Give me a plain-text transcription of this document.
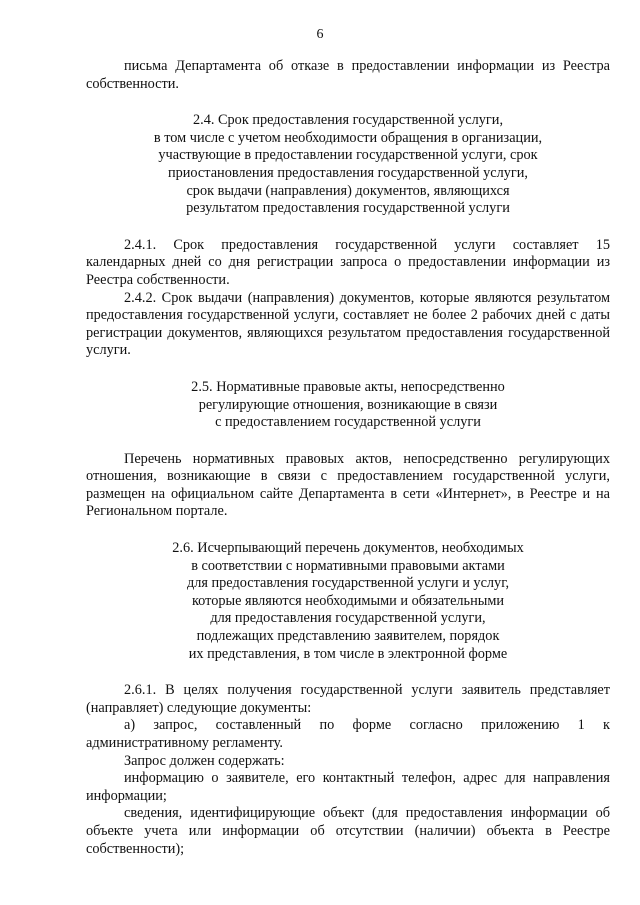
6

письма Департамента об отказе в предоставлении информации из Реестра собственности.

2.4. Срок предоставления государственной услуги,
в том числе с учетом необходимости обращения в организации,
участвующие в предоставлении государственной услуги, срок
приостановления предоставления государственной услуги,
срок выдачи (направления) документов, являющихся
результатом предоставления государственной услуги

2.4.1. Срок предоставления государственной услуги составляет 15 календарных дней со дня регистрации запроса о предоставлении информации из Реестра собственности.

2.4.2. Срок выдачи (направления) документов, которые являются результатом предоставления государственной услуги, составляет не более 2 рабочих дней с даты регистрации документов, являющихся результатом предоставления государственной услуги.

2.5. Нормативные правовые акты, непосредственно
регулирующие отношения, возникающие в связи
с предоставлением государственной услуги

Перечень нормативных правовых актов, непосредственно регулирующих отношения, возникающие в связи с предоставлением государственной услуги, размещен на официальном сайте Департамента в сети «Интернет», в Реестре и на Региональном портале.

2.6. Исчерпывающий перечень документов, необходимых
в соответствии с нормативными правовыми актами
для предоставления государственной услуги и услуг,
которые являются необходимыми и обязательными
для предоставления государственной услуги,
подлежащих представлению заявителем, порядок
их представления, в том числе в электронной форме

2.6.1. В целях получения государственной услуги заявитель представляет (направляет) следующие документы:

а) запрос, составленный по форме согласно приложению 1 к административному регламенту.

Запрос должен содержать:

информацию о заявителе, его контактный телефон, адрес для направления информации;

сведения, идентифицирующие объект (для предоставления информации об объекте учета или информации об отсутствии (наличии) объекта в Реестре собственности);
